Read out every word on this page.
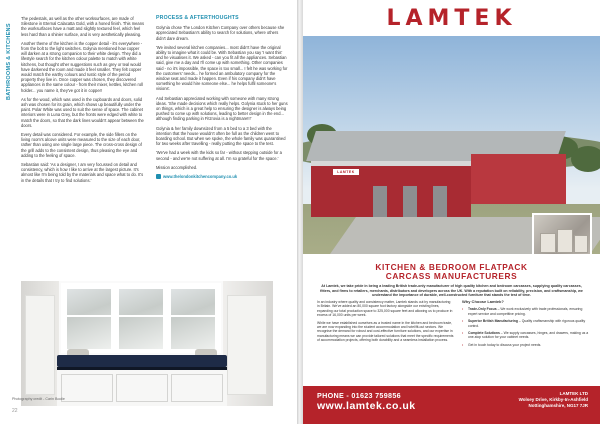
BATHROOMS & KITCHENS

The pedestals, as well as the other worksurfaces, are made of Silestone in Eternal Calacatta Gold, with a honed finish. This means the worksurfaces have a matt and slightly textured feel, which feel less hard than a shinier surface, and is very aesthetically pleasing.

Another theme of the kitchen is the copper detail - it's everywhere - from the bolt to the light switches. Golynia mentioned how copper will darken at a strong companion to their white design. They did a lifestyle search for the kitchen colour palette to match with white kitchens, but thought other suggestions such as grey or teal would have darkened the room and made it feel smaller. They felt copper would match the earthy colours and rustic style of the period property they live in. Once copper was chosen, they discovered appliances in the same colour - from their mixer, kettles, kitchen roll holder... you name it, they've got it in copper!

As for the wood, which was used in the cupboards and doors, solid ash was chosen for its grain, which shows up beautifully under the paint. Polar White was used to suit the sense of space. The cabinet interiors were in Luna Grey, but the fronts were edged with white to match the doors, so that the dark lines wouldn't appear between the doors.

Every detail was considered. For example, the side fillers on the living room's alcove units were measured to the size of each door, rather than using one single large piece. The cross-cross design of the grill adds to the consistent design, thus pleasing the eye and adding to the feeling of space.

Sebastian said: 'As a designer, I am very focussed on detail and consistency, which is how I like to arrive at the largest picture. It's almost like I'm being told by the materials and space what to do. It's in the details that I try to find solutions.'

PROCESS & AFTERTHOUGHTS

Golynia chose The London Kitchen Company over others because she appreciated Sebastian's ability to search for solutions, where others didn't dare dream.

'We invited several kitchen companies... most didn't have the original ability to imagine what it could be. With Sebastian you say 'I want this' and he visualises it. We asked - can you fit all the appliances. Sebastian said, give me a day and I'll come up with something. Other companies said - no it's impossible, the space is too small... I felt he was working for the customers' needs... he formed an ambulatory company for the window seat and made it happen. Even if his company didn't have something he would hire someone else... he helps fulfil someone's visions'.

And Sebastian appreciated working with someone with many strong ideas. 'She made decisions which really helps. Golynia stuck to her guns on things, which is a great help to ensuring the designer is always being pushed to come up with solutions, leading to better design in the end... although finding parking in Fitzrovia is a nightmare!!!'

Golynia & her family downsized from a 5 bed to a 3 bed with the intention that the house wouldn't often be full as the children went to boarding school. But when we spoke, the whole family was quarantined for two weeks after travelling - really putting the space to the test.

'We've had a week with the kids so far - without stepping outside for a second - and we're not suffering at all. I'm so grateful for the space.'

Mission accomplished.

www.thelondonkitchencompany.co.uk

Photography credit - Carin Boolie
22
LAMTEK
LAMTEK
KITCHEN & BEDROOM FLATPACK
CARCASS MANUFACTURERS
At Lamtek, we take pride in being a leading British trade-only manufacturer of high quality kitchen and bedroom carcasses, supplying quality carcasses, fitters, and firms to retailers, merchants, distributors and developers across the UK. With a reputation built on reliability, precision, and craftsmanship, we understand the importance of durable, well-constructed furniture that stands the test of time.

In an industry where quality and consistency matter, Lamtek stands out by manufacturing in Britain. We've added an 80,000 square foot factory alongside our existing lines, expanding our total production space to 325,000 square feet and allowing us to produce in excess of 16,000 units per week.

While we have established ourselves as a trusted name in the kitchen and bedroom trade, we are now expanding into the student accommodation and hotel/fit-out sectors. We recognise the demand for robust and cost-effective furniture solutions, and our expertise in manufacturing means we can provide tailored solutions that meet the specific requirements of accommodation projects, offering both durability and a seamless installation process.

Why Choose Lamtek?
• Trade-Only Focus – We work exclusively with trade professionals, ensuring expert service and competitive pricing.
• Superior British Manufacturing – Quality craftsmanship with rigorous quality control.
• Complete Solutions – We supply carcasses, hinges, and drawers, making us a one-stop solution for your cabinet needs.
• Get in touch today to discuss your project needs.
PHONE - 01623 759856
www.lamtek.co.uk
LAMTEK LTD
Wolsey Drive, Kirkby-In-Ashfield
Nottinghamshire, NG17 7JR
